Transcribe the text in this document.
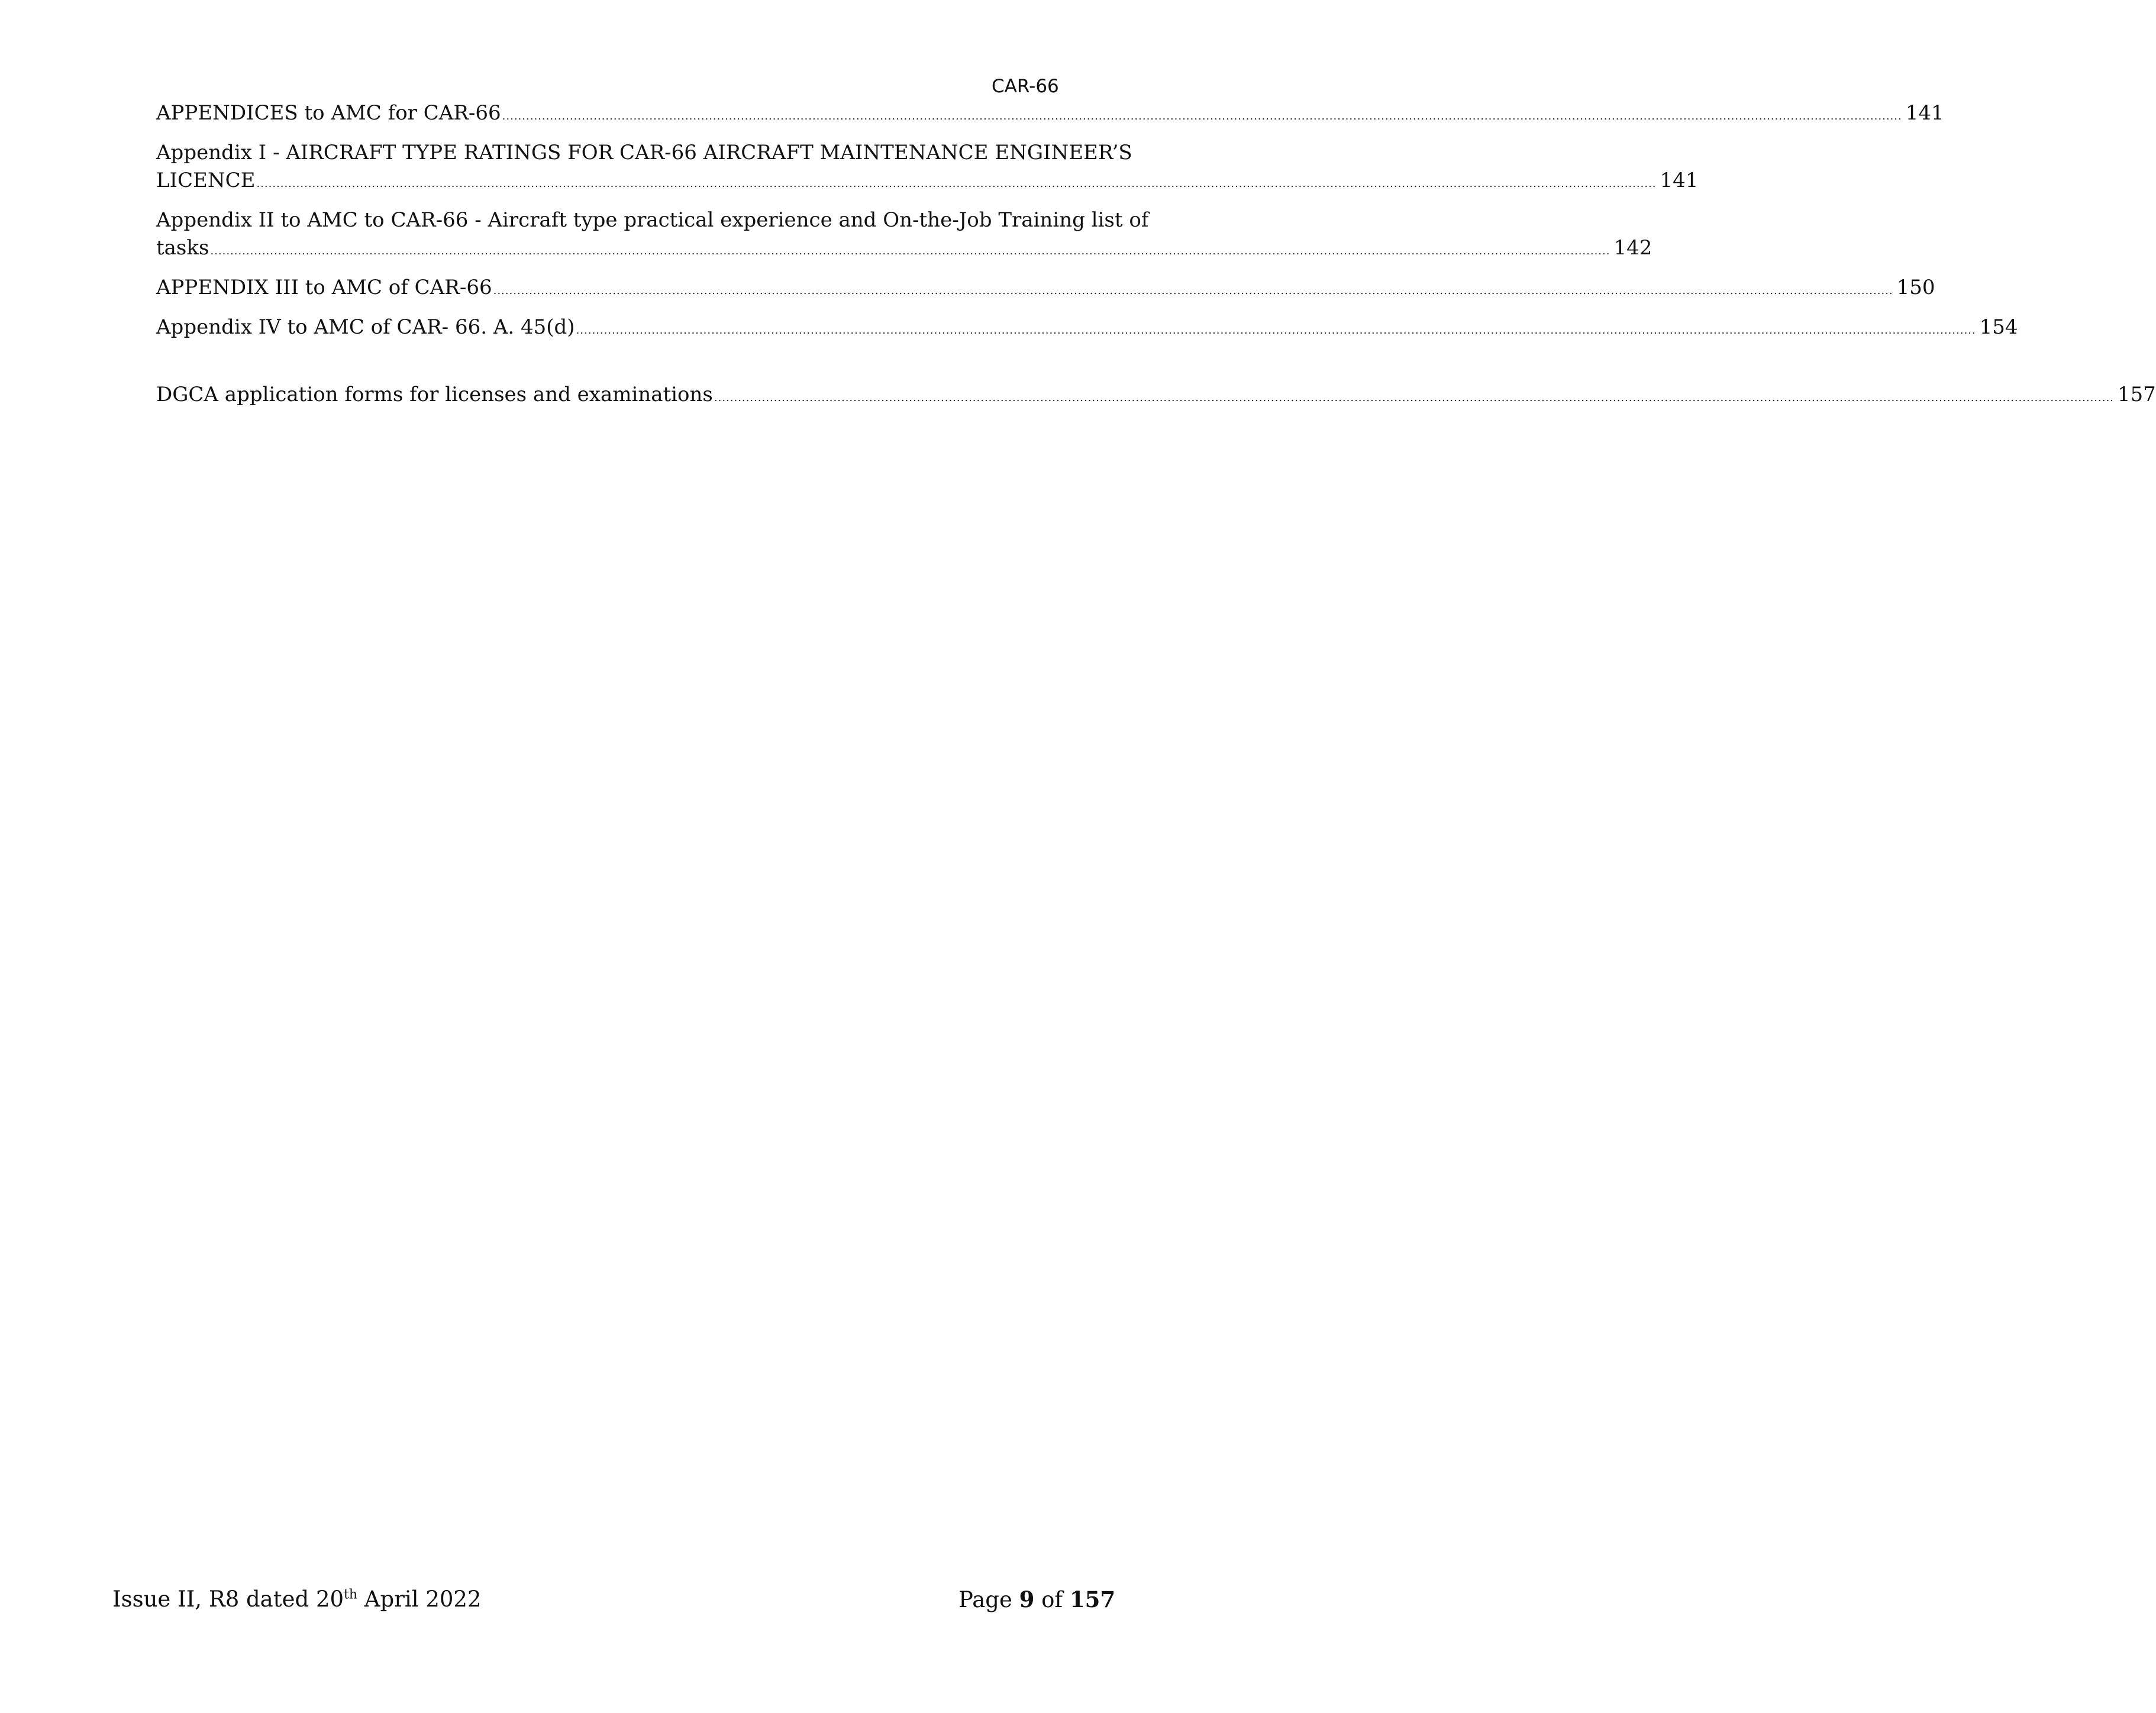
CAR-66
APPENDICES to AMC for CAR-66 ................................................................................................................................................................................................................................................................................................................................................................ 141
Appendix I - AIRCRAFT TYPE RATINGS FOR CAR-66 AIRCRAFT MAINTENANCE ENGINEER’S
LICENCE ................................................................................................................................................................................................................................................................................................................................................................ 141
Appendix II to AMC to CAR-66 - Aircraft type practical experience and On-the-Job Training list of
tasks ................................................................................................................................................................................................................................................................................................................................................................ 142
APPENDIX III to AMC of CAR-66 ................................................................................................................................................................................................................................................................................................................................................................ 150
Appendix IV to AMC of CAR- 66. A. 45(d) ................................................................................................................................................................................................................................................................................................................................................................ 154
DGCA application forms for licenses and examinations ................................................................................................................................................................................................................................................................................................................................................................ 157
Issue II, R8 dated 20th April 2022	Page 9 of 157
